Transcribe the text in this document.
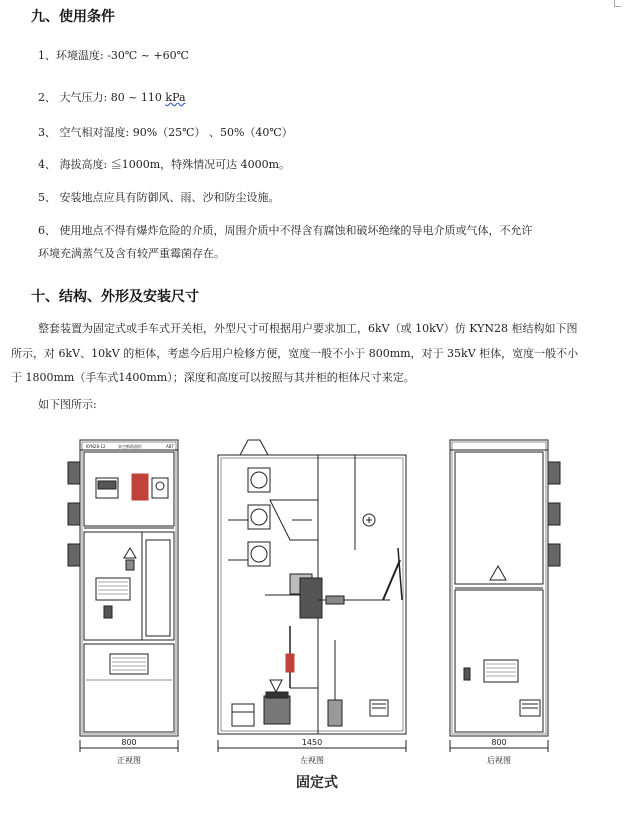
九、使用条件
1、环境温度: -30℃ ~ +60℃
2、 大气压力: 80 ~ 110 kPa
3、 空气相对湿度: 90%（25℃） 、50%（40℃）
4、 海拔高度: ≦1000m，特殊情况可达 4000m。
5、 安装地点应具有防御风、雨、沙和防尘设施。
6、 使用地点不得有爆炸危险的介质，周围介质中不得含有腐蚀和破坏绝缘的导电介质或气体，不允许
环境充满蒸气及含有较严重霉菌存在。
十、结构、外形及安装尺寸
整套装置为固定式或手车式开关柜，外型尺寸可根据用户要求加工，6kV（或 10kV）仿 KYN28 柜结构如下图
所示，对 6kV、10kV 的柜体，考虑今后用户检修方便，宽度一般不小于 800mm，对于 35kV 柜体，宽度一般不小
于 1800mm（手车式1400mm）；深度和高度可以按照与其并柜的柜体尺寸来定。
如下图所示:
KYN28-12	真空断路器柜	ABT
800
正视图
1450
左视图
800
后视图
固定式
